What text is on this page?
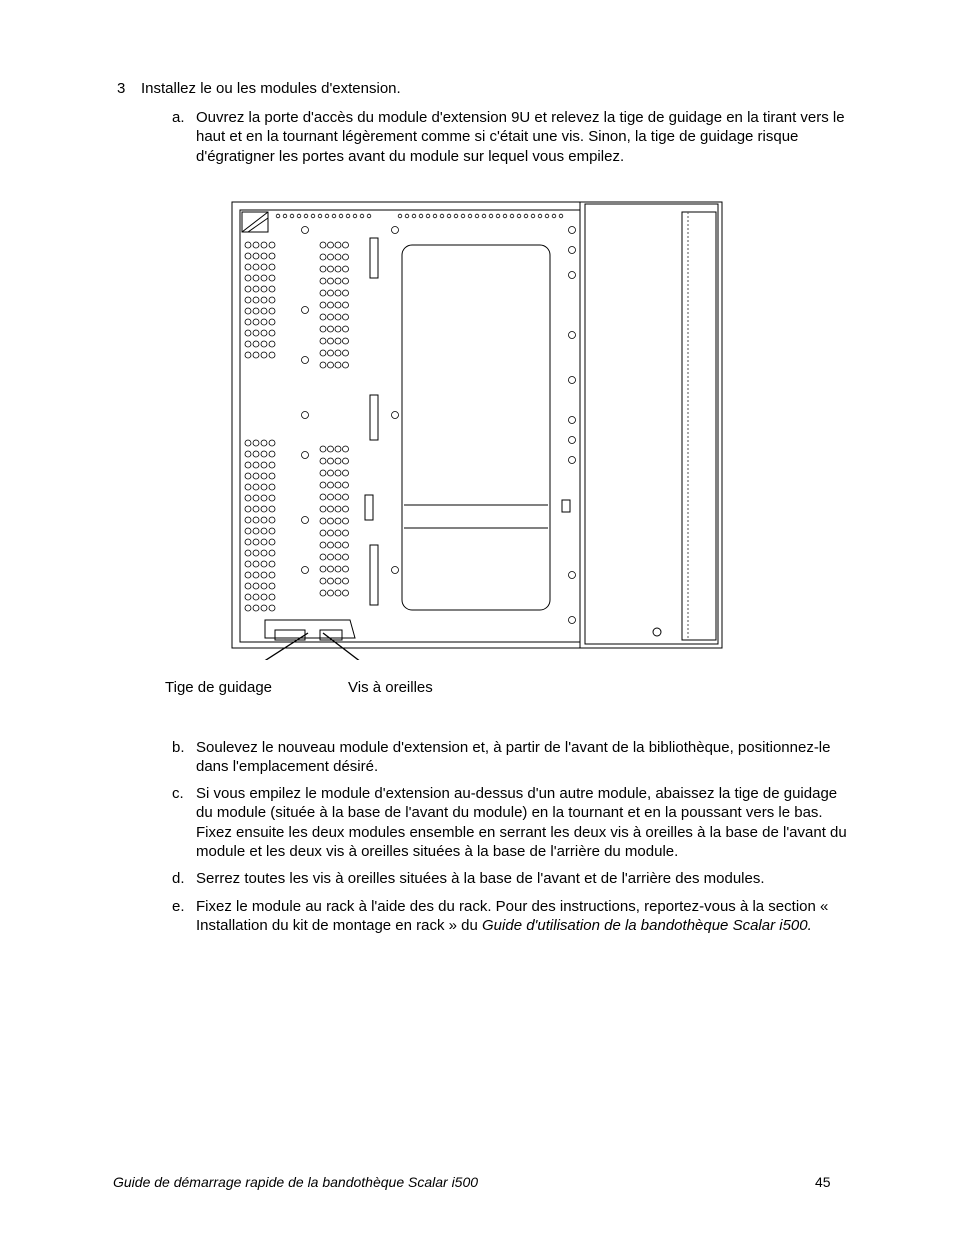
3 Installez le ou les modules d'extension.
a. Ouvrez la porte d'accès du module d'extension 9U et relevez la tige de guidage en la tirant vers le haut et en la tournant légèrement comme si c'était une vis. Sinon, la tige de guidage risque d'égratigner les portes avant du module sur lequel vous empilez.
Tige de guidage	Vis à oreilles
b. Soulevez le nouveau module d'extension et, à partir de l'avant de la bibliothèque, positionnez-le dans l'emplacement désiré.
c. Si vous empilez le module d'extension au-dessus d'un autre module, abaissez la tige de guidage du module (située à la base de l'avant du module) en la tournant et en la poussant vers le bas. Fixez ensuite les deux modules ensemble en serrant les deux vis à oreilles à la base de l'avant du module et les deux vis à oreilles situées à la base de l'arrière du module.
d. Serrez toutes les vis à oreilles situées à la base de l'avant et de l'arrière des modules.
e. Fixez le module au rack à l'aide des du rack. Pour des instructions, reportez-vous à la section « Installation du kit de montage en rack » du Guide d'utilisation de la bandothèque Scalar i500.
Guide de démarrage rapide de la bandothèque Scalar i500	45
